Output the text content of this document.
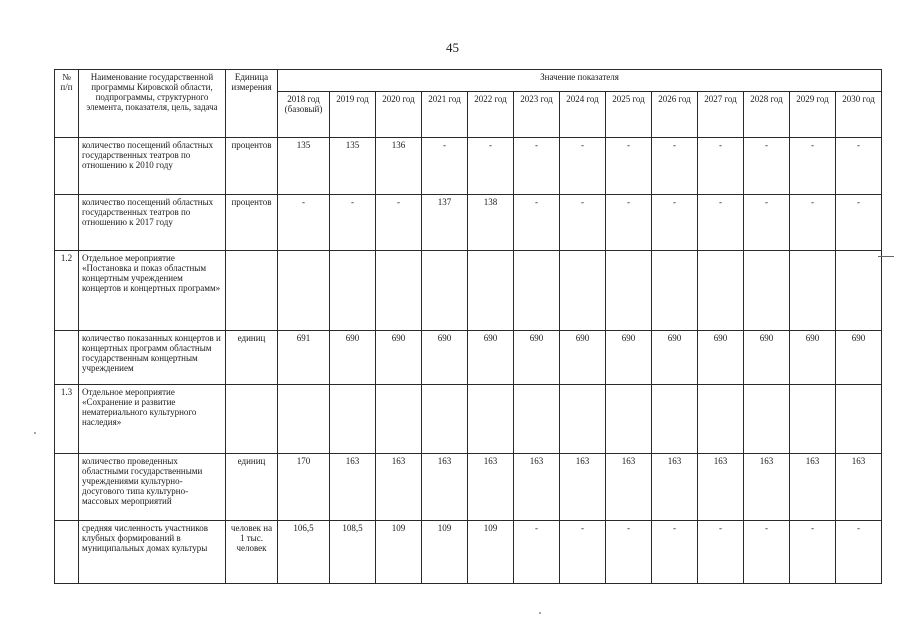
45
№ п/п	Наименование государственной программы Кировской области, подпрограммы, структурного элемента, показателя, цель, задача	Единица измерения	Значение показателя												
			2018 год (базовый)	2019 год	2020 год	2021 год	2022 год	2023 год	2024 год	2025 год	2026 год	2027 год	2028 год	2029 год	2030 год
	количество посещений областных государственных театров по отношению к 2010 году	процентов	135	135	136	-	-	-	-	-	-	-	-	-	-
	количество посещений областных государственных театров по отношению к 2017 году	процентов	-	-	-	137	138	-	-	-	-	-	-	-	-
1.2	Отдельное мероприятие «Постановка и показ областным концертным учреждением концертов и концертных программ»														
	количество показанных концертов и концертных программ областным государственным концертным учреждением	единиц	691	690	690	690	690	690	690	690	690	690	690	690	690
1.3	Отдельное мероприятие «Сохранение и развитие нематериального культурного наследия»														
	количество проведенных областными государственными учреждениями культурно-досугового типа культурно-массовых мероприятий	единиц	170	163	163	163	163	163	163	163	163	163	163	163	163
	средняя численность участников клубных формирований в муниципальных домах культуры	человек на 1 тыс. человек	106,5	108,5	109	109	109	-	-	-	-	-	-	-	-
